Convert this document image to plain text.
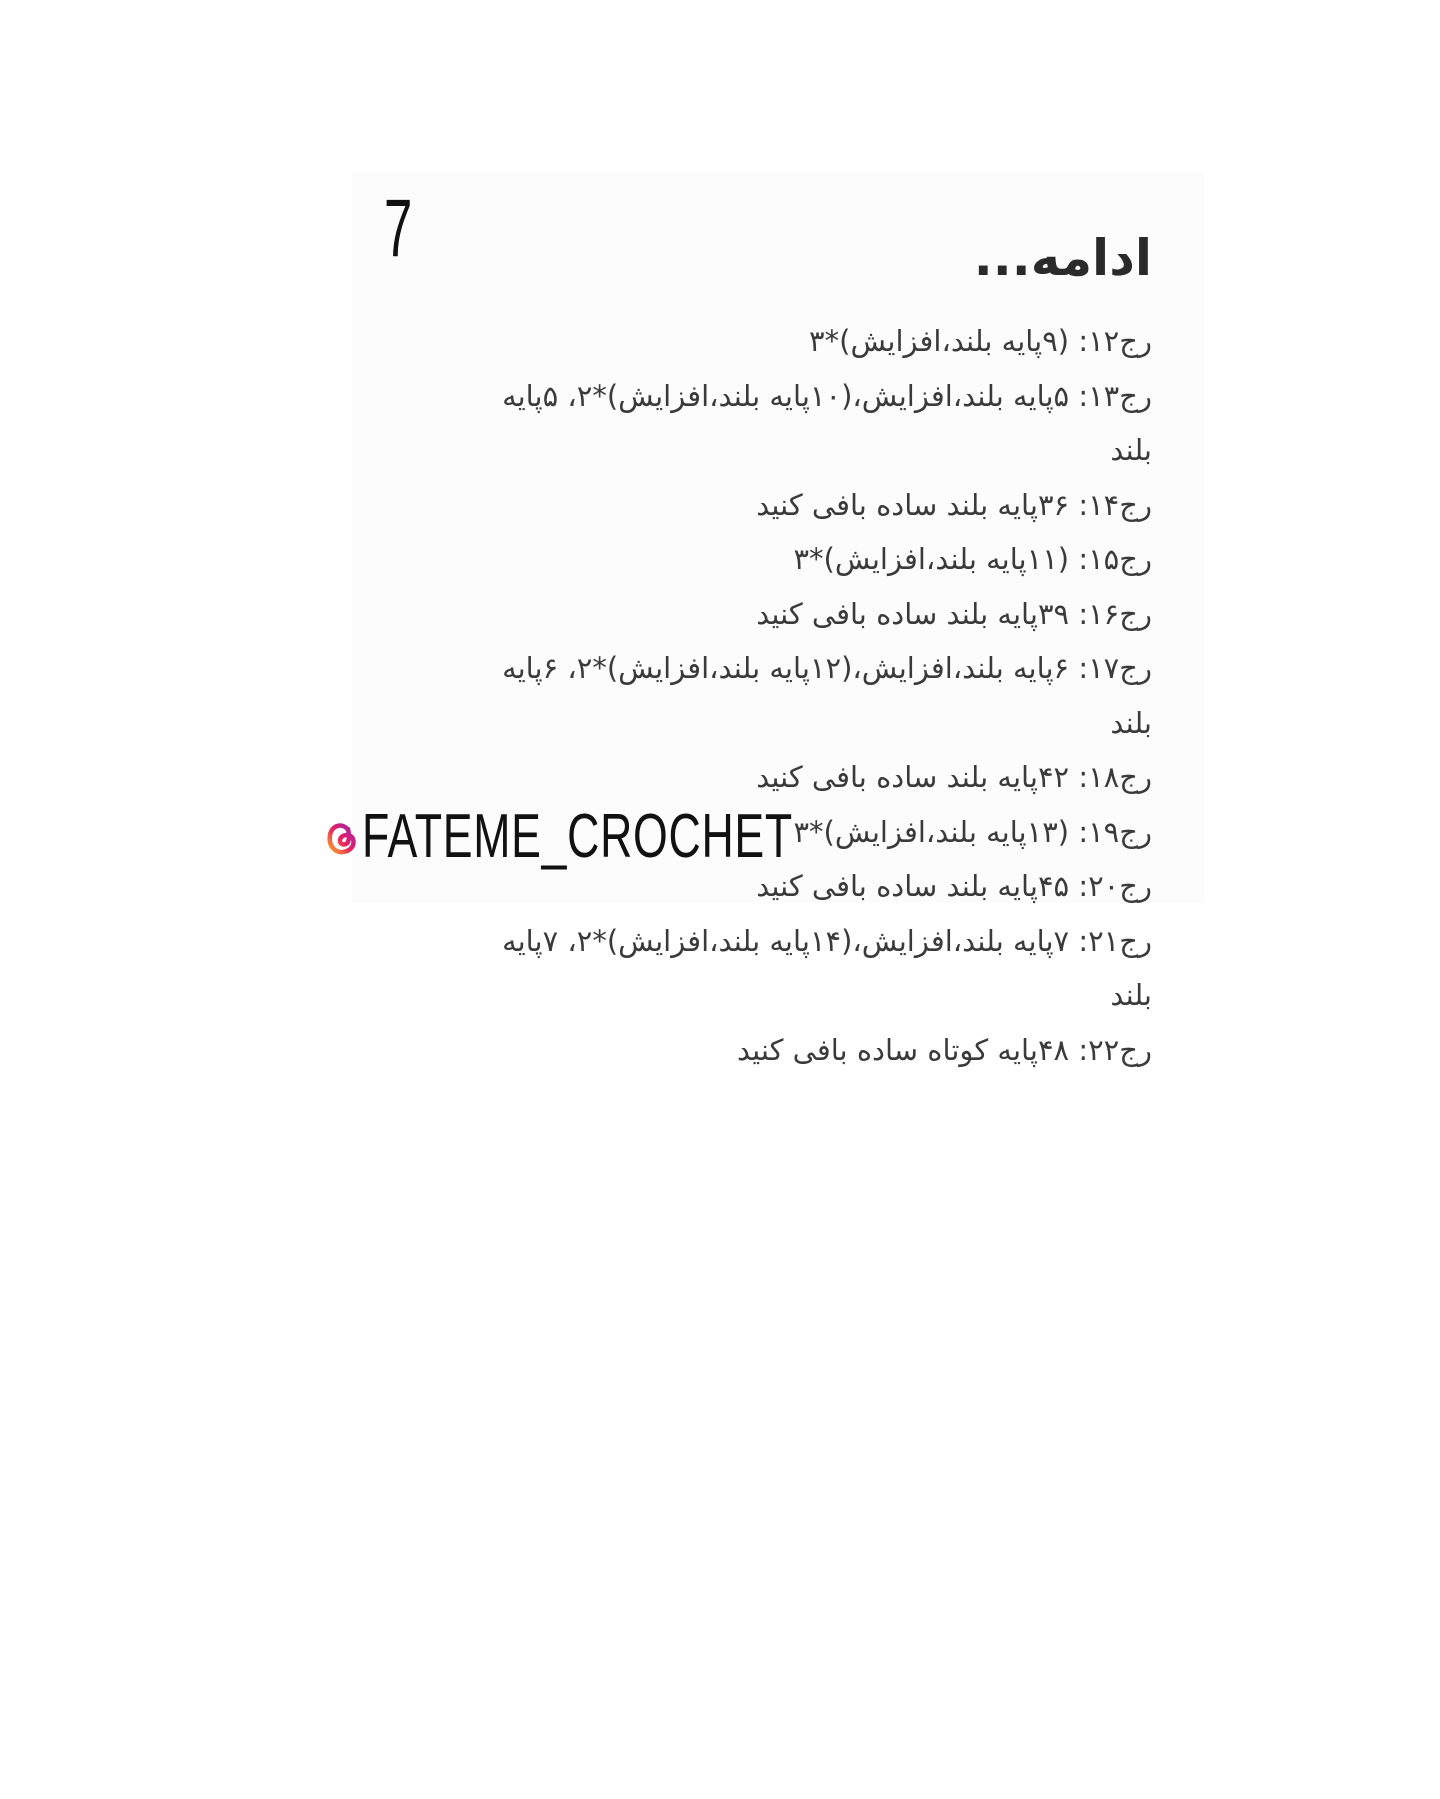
7	ادامه...
رج۱۲: (۹پایه بلند،افزایش)*۳
رج۱۳: ۵پایه بلند،افزایش،(۱۰پایه بلند،افزایش)*۲، ۵پایه
بلند
رج۱۴: ۳۶پایه بلند ساده بافی کنید
رج۱۵: (۱۱پایه بلند،افزایش)*۳
رج۱۶: ۳۹پایه بلند ساده بافی کنید
رج۱۷: ۶پایه بلند،افزایش،(۱۲پایه بلند،افزایش)*۲، ۶پایه
بلند
رج۱۸: ۴۲پایه بلند ساده بافی کنید
رج۱۹: (۱۳پایه بلند،افزایش)*۳
رج۲۰: ۴۵پایه بلند ساده بافی کنید
رج۲۱: ۷پایه بلند،افزایش،(۱۴پایه بلند،افزایش)*۲، ۷پایه
بلند
رج۲۲: ۴۸پایه کوتاه ساده بافی کنید
FATEME_CROCHET
